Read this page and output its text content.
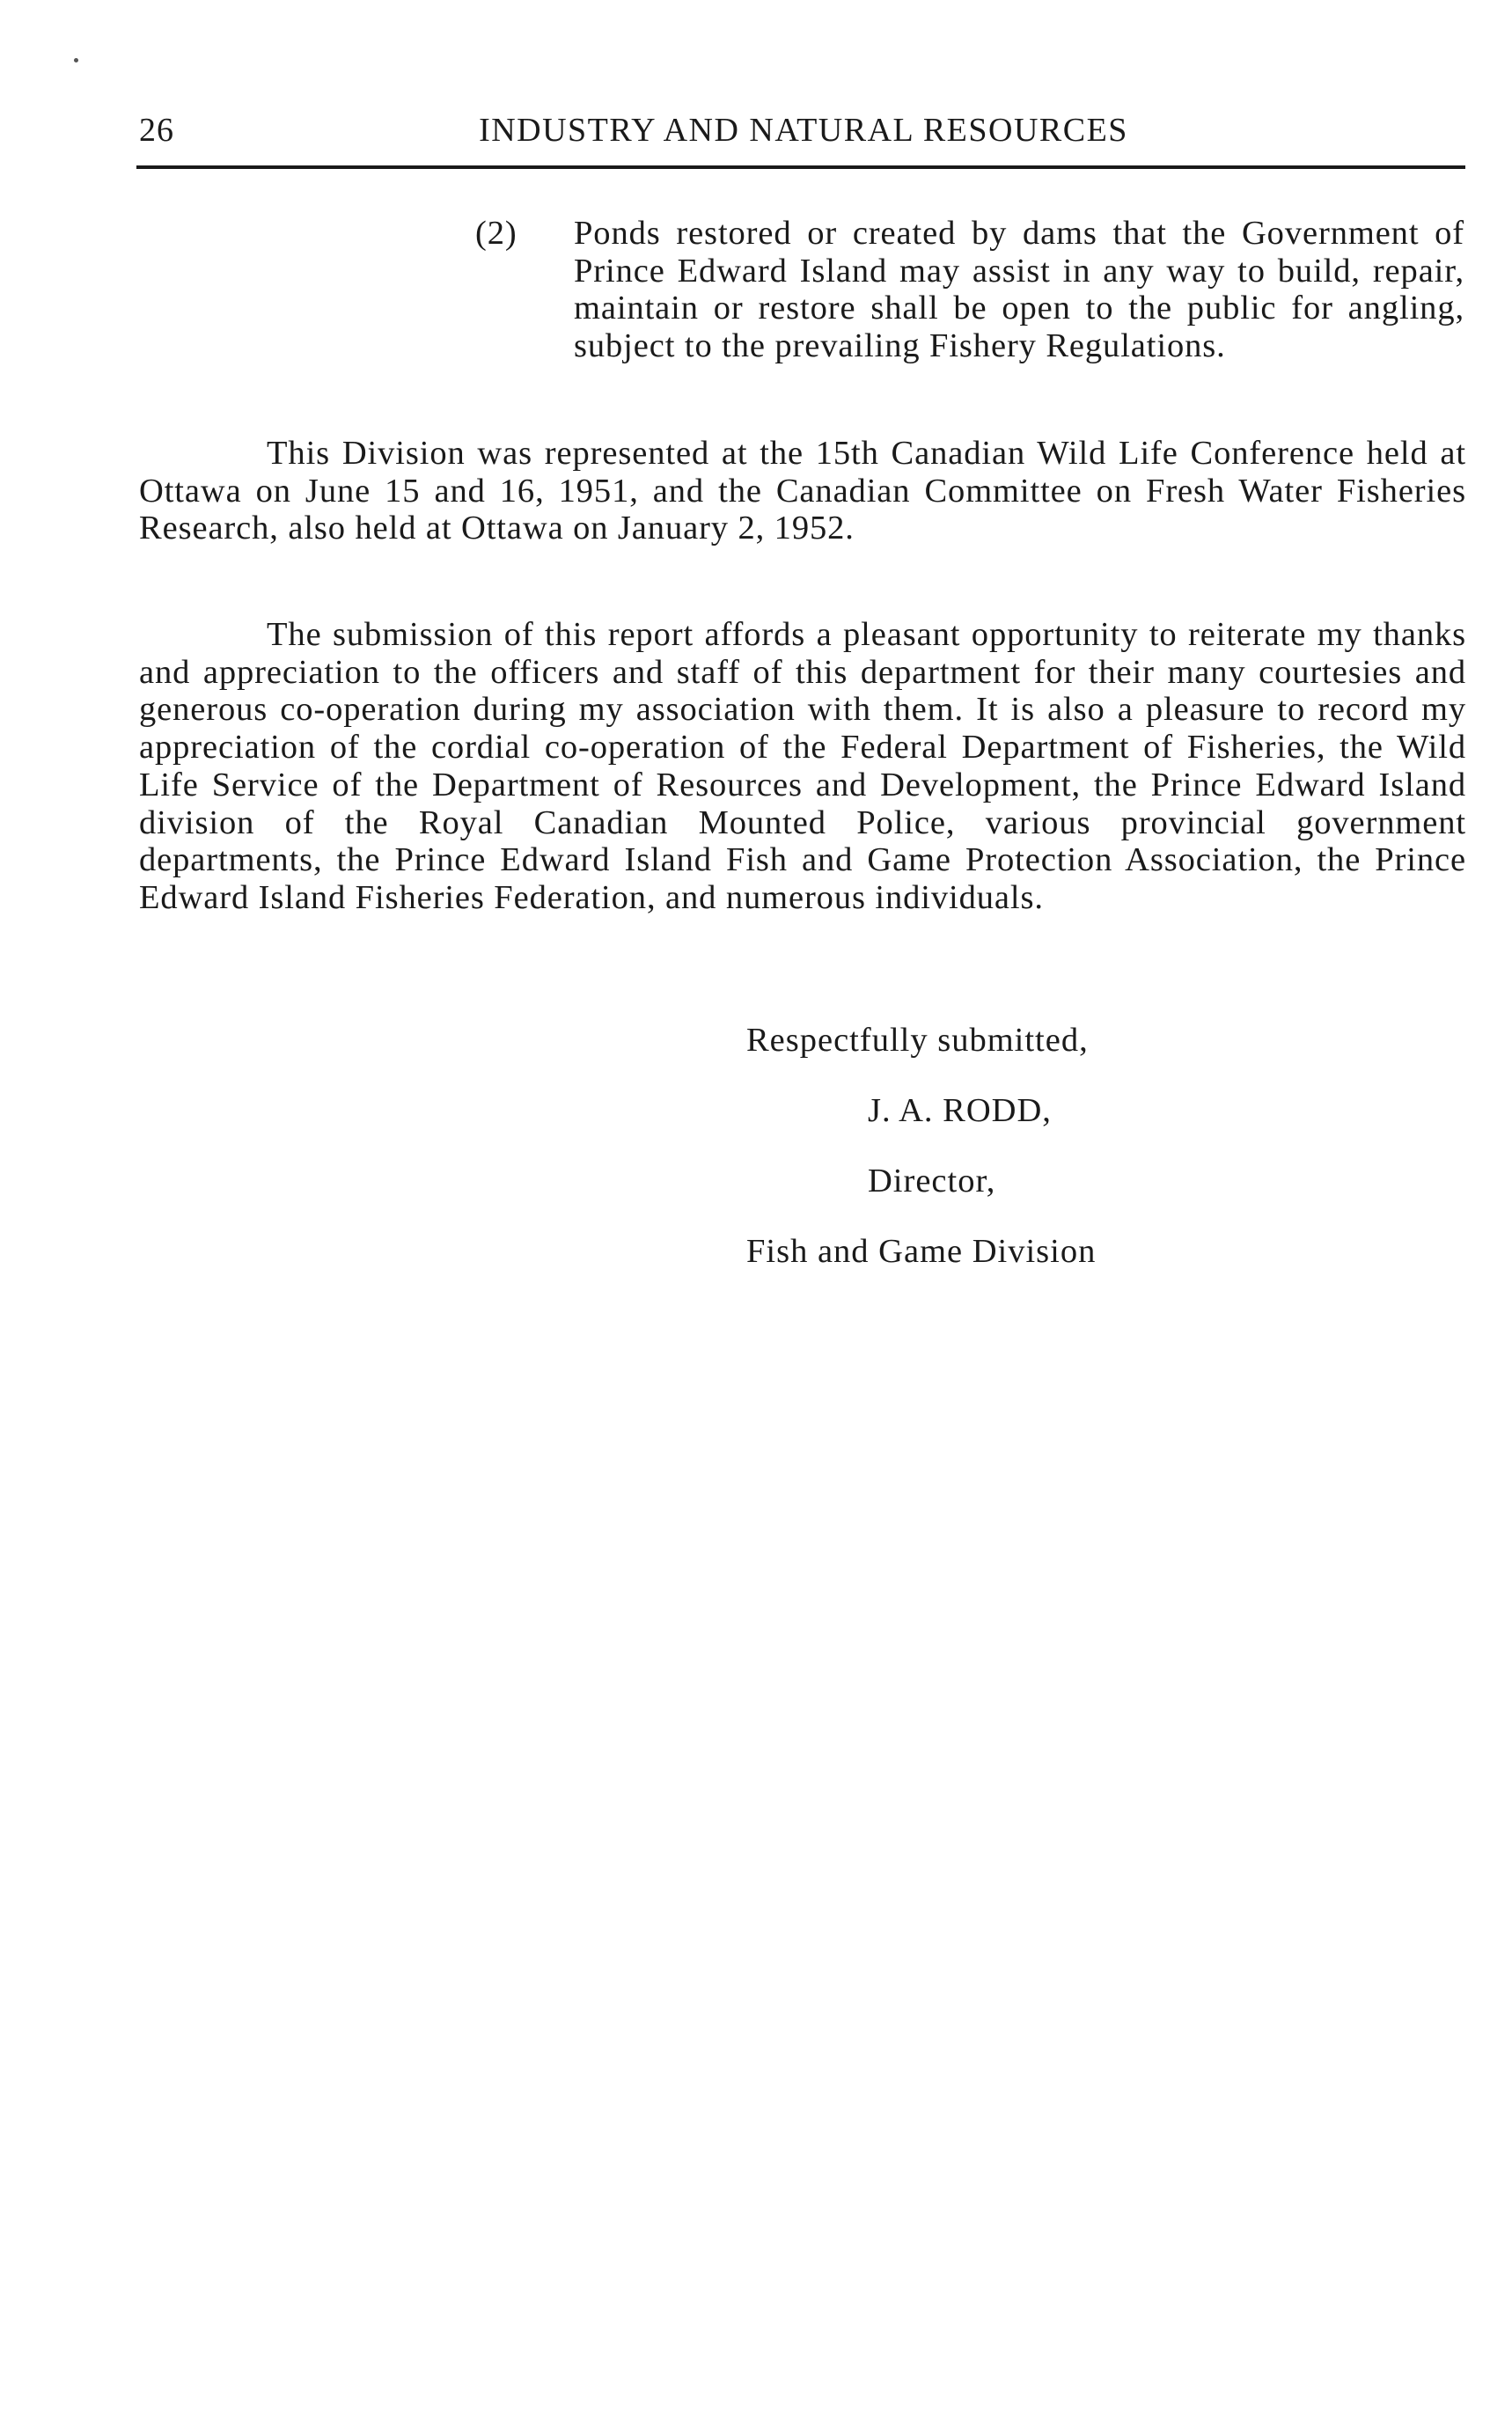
26	INDUSTRY AND NATURAL RESOURCES
(2) Ponds restored or created by dams that the Government of Prince Edward Island may assist in any way to build, repair, maintain or restore shall be open to the public for angling, subject to the prevailing Fishery Regulations.

This Division was represented at the 15th Canadian Wild Life Conference held at Ottawa on June 15 and 16, 1951, and the Canadian Committee on Fresh Water Fisheries Research, also held at Ottawa on January 2, 1952.

The submission of this report affords a pleasant opportunity to reiterate my thanks and appreciation to the officers and staff of this department for their many courtesies and generous co-operation during my association with them. It is also a pleasure to record my appreciation of the cordial co-operation of the Federal Department of Fisheries, the Wild Life Service of the Department of Resources and Development, the Prince Edward Island division of the Royal Canadian Mounted Police, various provincial government departments, the Prince Edward Island Fish and Game Protection Association, the Prince Edward Island Fisheries Federation, and numerous individuals.

Respectfully submitted,
J. A. RODD,
Director,
Fish and Game Division
